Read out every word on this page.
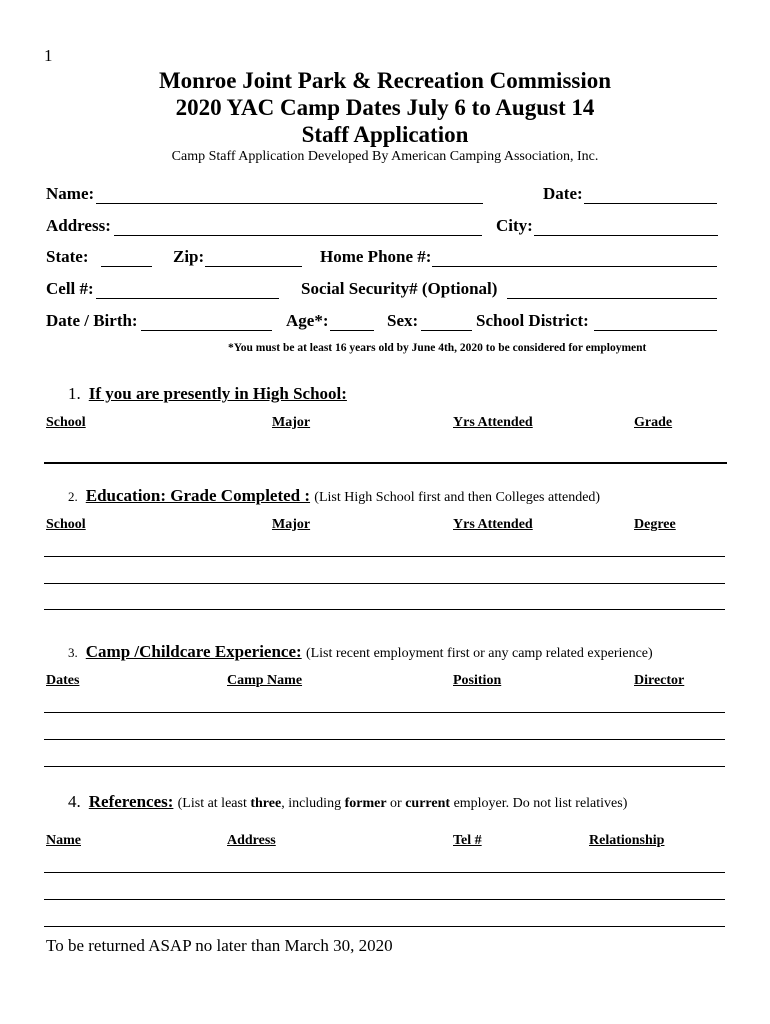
1
Monroe Joint Park & Recreation Commission
2020 YAC Camp Dates July 6 to August 14
Staff Application
Camp Staff Application Developed By American Camping Association, Inc.
Name:	Date:
Address:	City:
State:	Zip:	Home Phone #:
Cell #:	Social Security# (Optional)
Date / Birth:	Age*:	Sex:	School District:
*You must be at least 16 years old by June 4th, 2020 to be considered for employment
1. If you are presently in High School:
School	Major	Yrs Attended	Grade
2. Education: Grade Completed : (List High School first and then Colleges attended)
School	Major	Yrs Attended	Degree
3. Camp /Childcare Experience: (List recent employment first or any camp related experience)
Dates	Camp Name	Position	Director
4. References: (List at least three, including former or current employer. Do not list relatives)
Name	Address	Tel #	Relationship
To be returned ASAP no later than March 30, 2020
